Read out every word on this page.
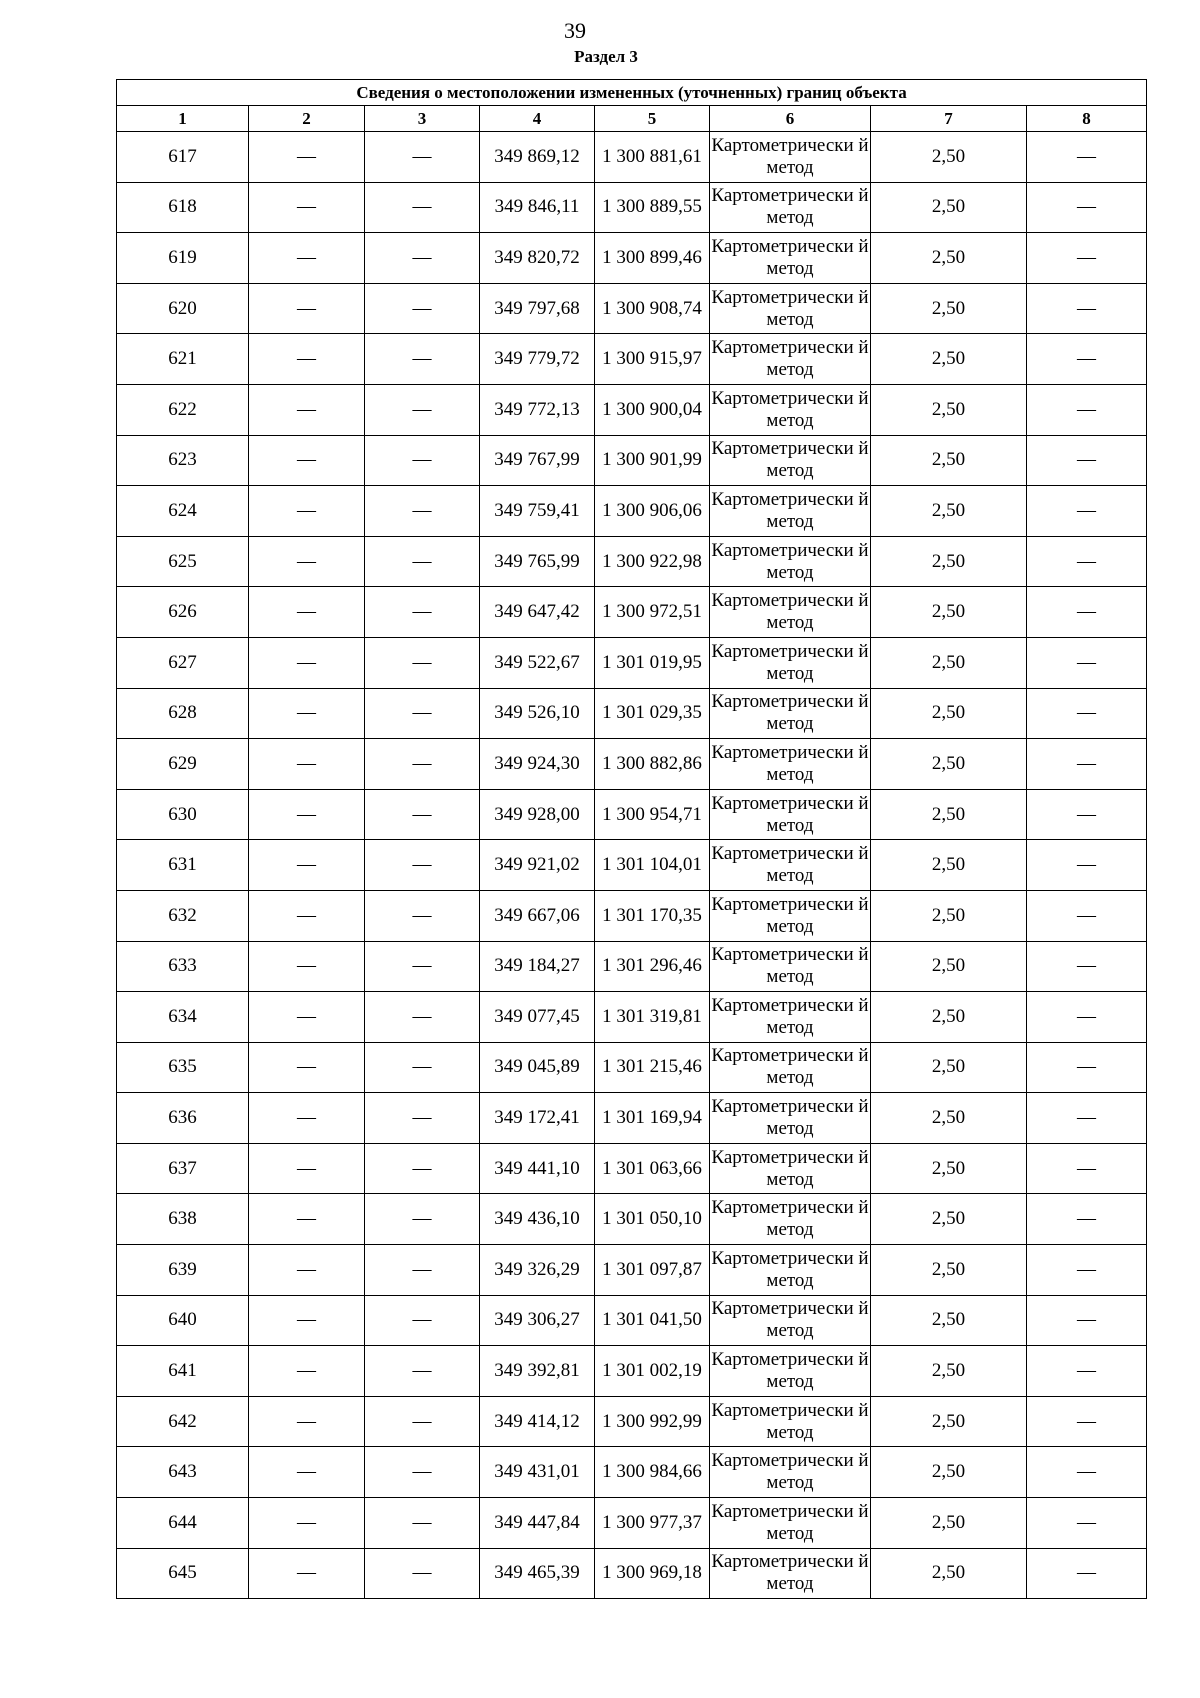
39
Раздел 3
Сведения о местоположении измененных (уточненных) границ объекта							
1	2	3	4	5	6	7	8
617	—	—	349 869,12	1 300 881,61	Картометрически й метод	2,50	—
618	—	—	349 846,11	1 300 889,55	Картометрически й метод	2,50	—
619	—	—	349 820,72	1 300 899,46	Картометрически й метод	2,50	—
620	—	—	349 797,68	1 300 908,74	Картометрически й метод	2,50	—
621	—	—	349 779,72	1 300 915,97	Картометрически й метод	2,50	—
622	—	—	349 772,13	1 300 900,04	Картометрически й метод	2,50	—
623	—	—	349 767,99	1 300 901,99	Картометрически й метод	2,50	—
624	—	—	349 759,41	1 300 906,06	Картометрически й метод	2,50	—
625	—	—	349 765,99	1 300 922,98	Картометрически й метод	2,50	—
626	—	—	349 647,42	1 300 972,51	Картометрически й метод	2,50	—
627	—	—	349 522,67	1 301 019,95	Картометрически й метод	2,50	—
628	—	—	349 526,10	1 301 029,35	Картометрически й метод	2,50	—
629	—	—	349 924,30	1 300 882,86	Картометрически й метод	2,50	—
630	—	—	349 928,00	1 300 954,71	Картометрически й метод	2,50	—
631	—	—	349 921,02	1 301 104,01	Картометрически й метод	2,50	—
632	—	—	349 667,06	1 301 170,35	Картометрически й метод	2,50	—
633	—	—	349 184,27	1 301 296,46	Картометрически й метод	2,50	—
634	—	—	349 077,45	1 301 319,81	Картометрически й метод	2,50	—
635	—	—	349 045,89	1 301 215,46	Картометрически й метод	2,50	—
636	—	—	349 172,41	1 301 169,94	Картометрически й метод	2,50	—
637	—	—	349 441,10	1 301 063,66	Картометрически й метод	2,50	—
638	—	—	349 436,10	1 301 050,10	Картометрически й метод	2,50	—
639	—	—	349 326,29	1 301 097,87	Картометрически й метод	2,50	—
640	—	—	349 306,27	1 301 041,50	Картометрически й метод	2,50	—
641	—	—	349 392,81	1 301 002,19	Картометрически й метод	2,50	—
642	—	—	349 414,12	1 300 992,99	Картометрически й метод	2,50	—
643	—	—	349 431,01	1 300 984,66	Картометрически й метод	2,50	—
644	—	—	349 447,84	1 300 977,37	Картометрически й метод	2,50	—
645	—	—	349 465,39	1 300 969,18	Картометрически й метод	2,50	—
